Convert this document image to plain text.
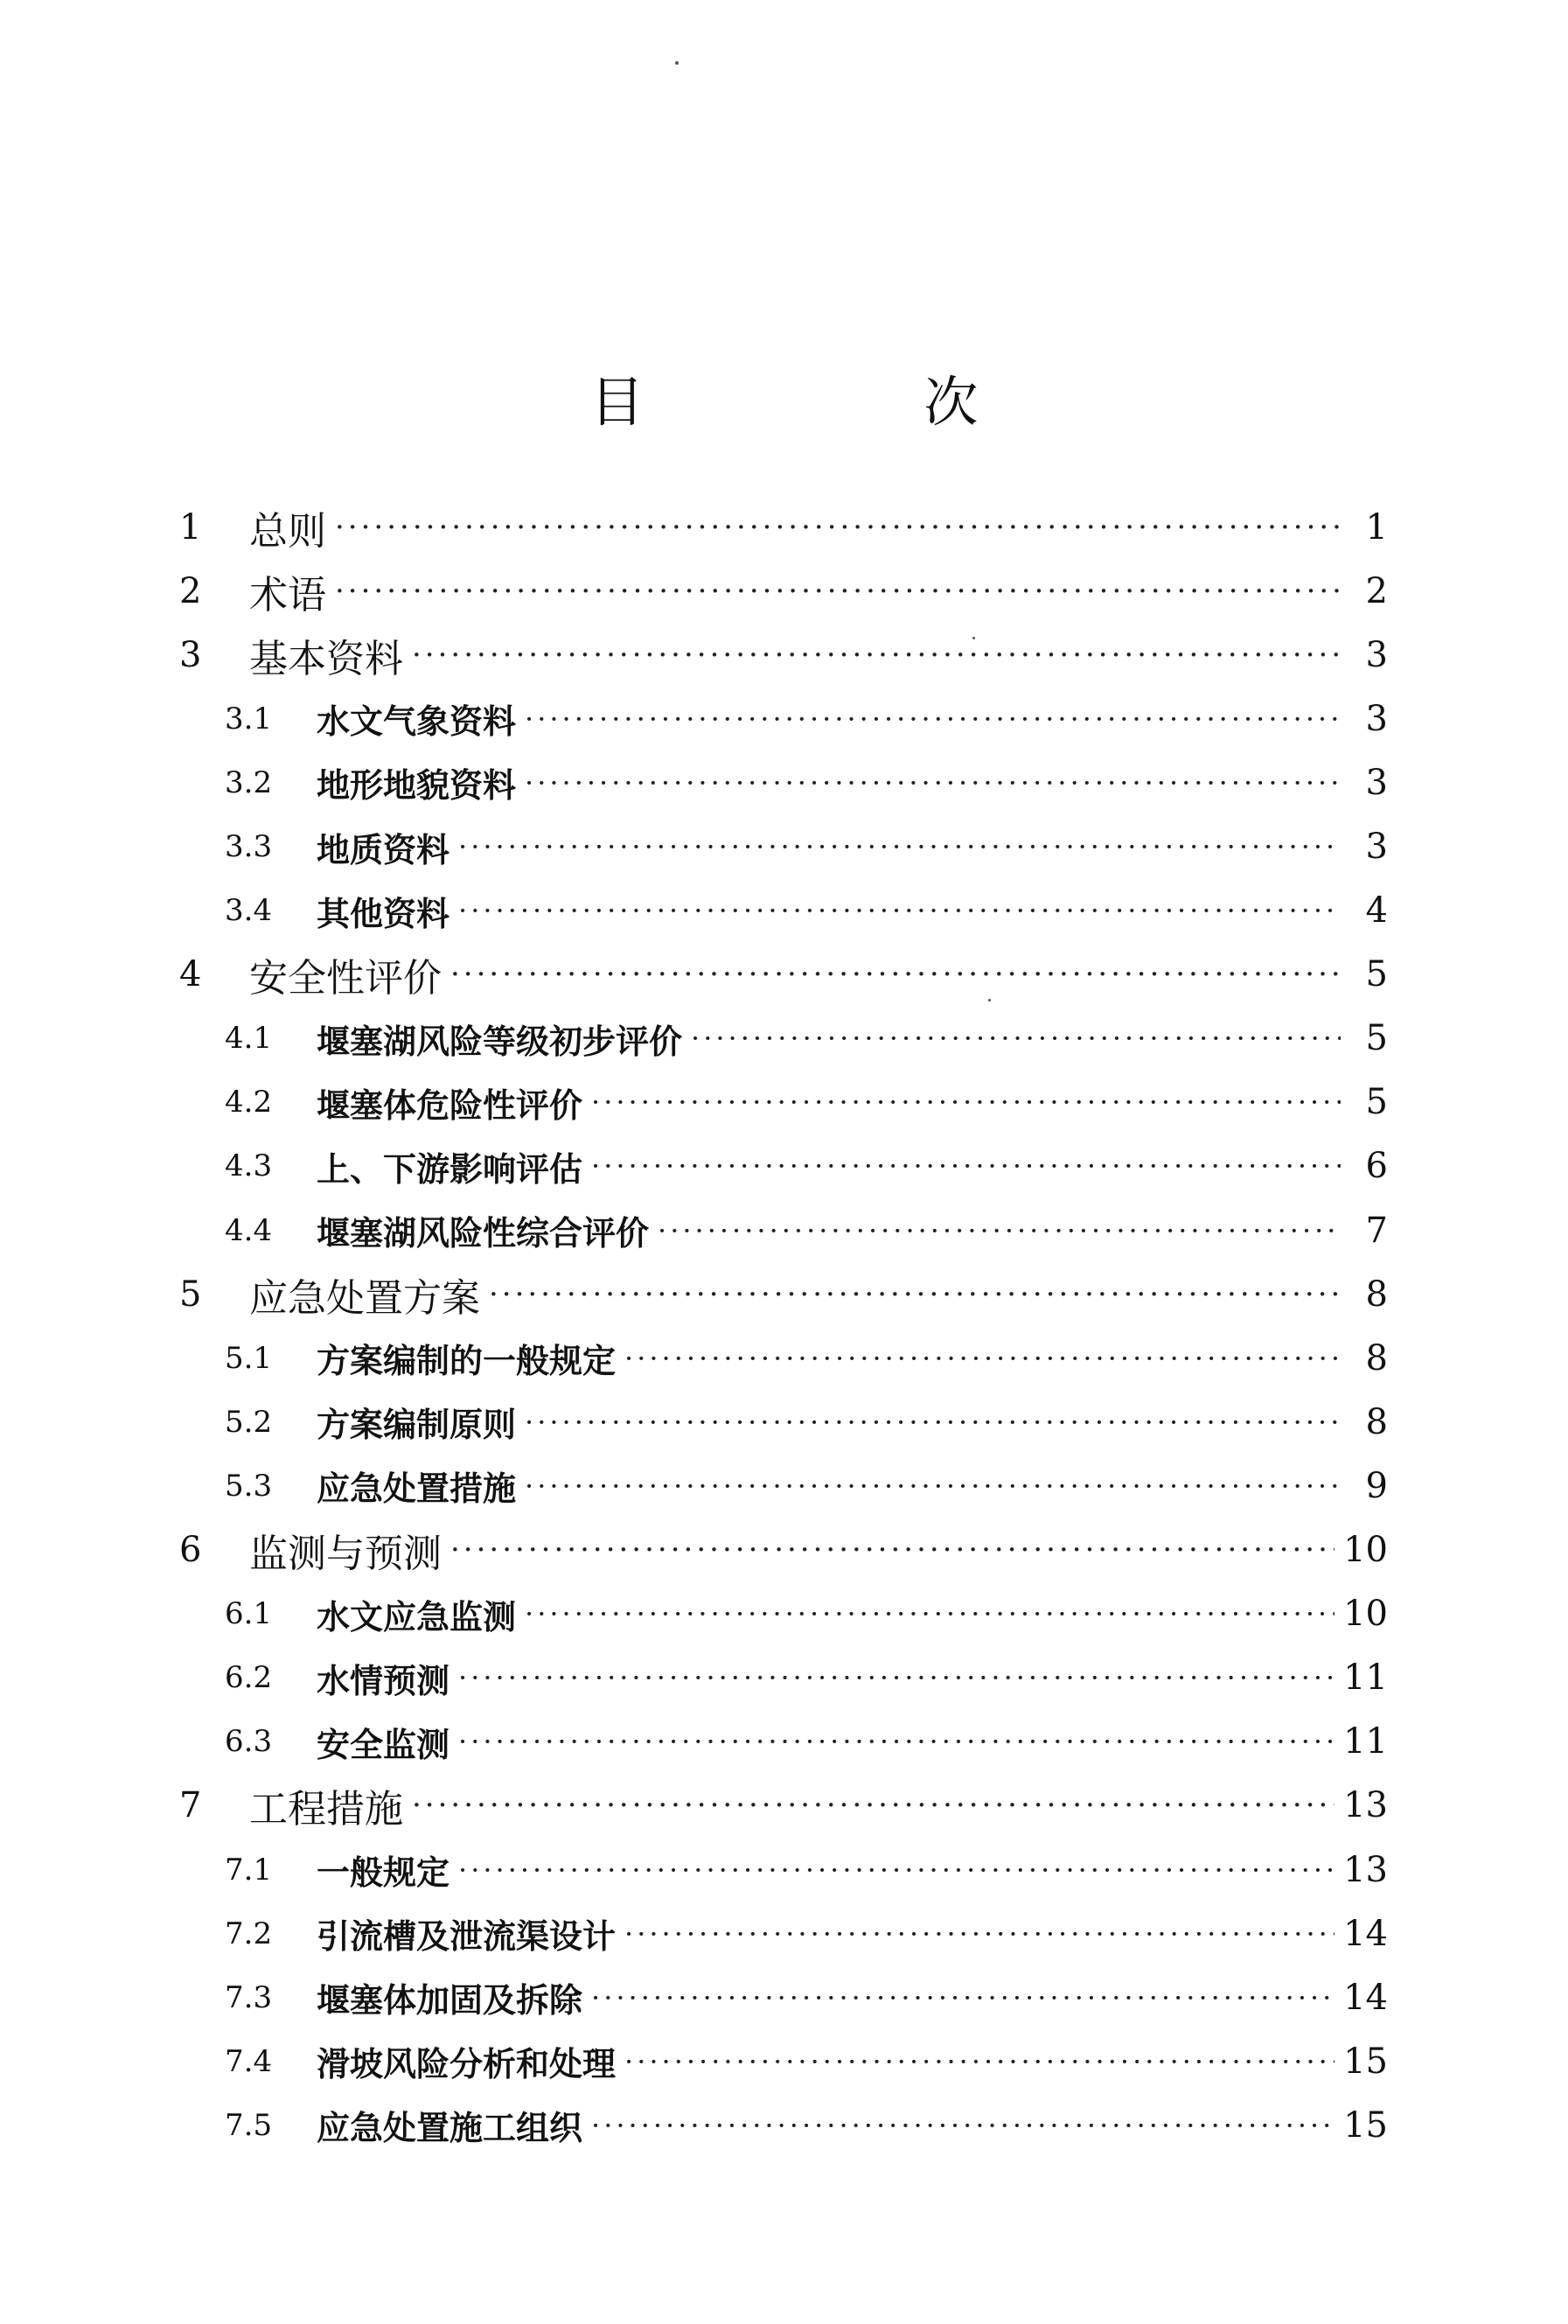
目 次
1	总则 ·····	1
2	术语 ·····	2
3	基本资料 ·····	3
3.1	水文气象资料 ·····	3
3.2	地形地貌资料 ·····	3
3.3	地质资料 ·····	3
3.4	其他资料 ·····	4
4	安全性评价 ·····	5
4.1	堰塞湖风险等级初步评价 ·····	5
4.2	堰塞体危险性评价 ·····	5
4.3	上、下游影响评估 ·····	6
4.4	堰塞湖风险性综合评价 ·····	7
5	应急处置方案 ·····	8
5.1	方案编制的一般规定 ·····	8
5.2	方案编制原则 ·····	8
5.3	应急处置措施 ·····	9
6	监测与预测 ·····	10
6.1	水文应急监测 ·····	10
6.2	水情预测 ·····	11
6.3	安全监测 ·····	11
7	工程措施 ·····	13
7.1	一般规定 ·····	13
7.2	引流槽及泄流渠设计 ·····	14
7.3	堰塞体加固及拆除 ·····	14
7.4	滑坡风险分析和处理 ·····	15
7.5	应急处置施工组织 ·····	15
